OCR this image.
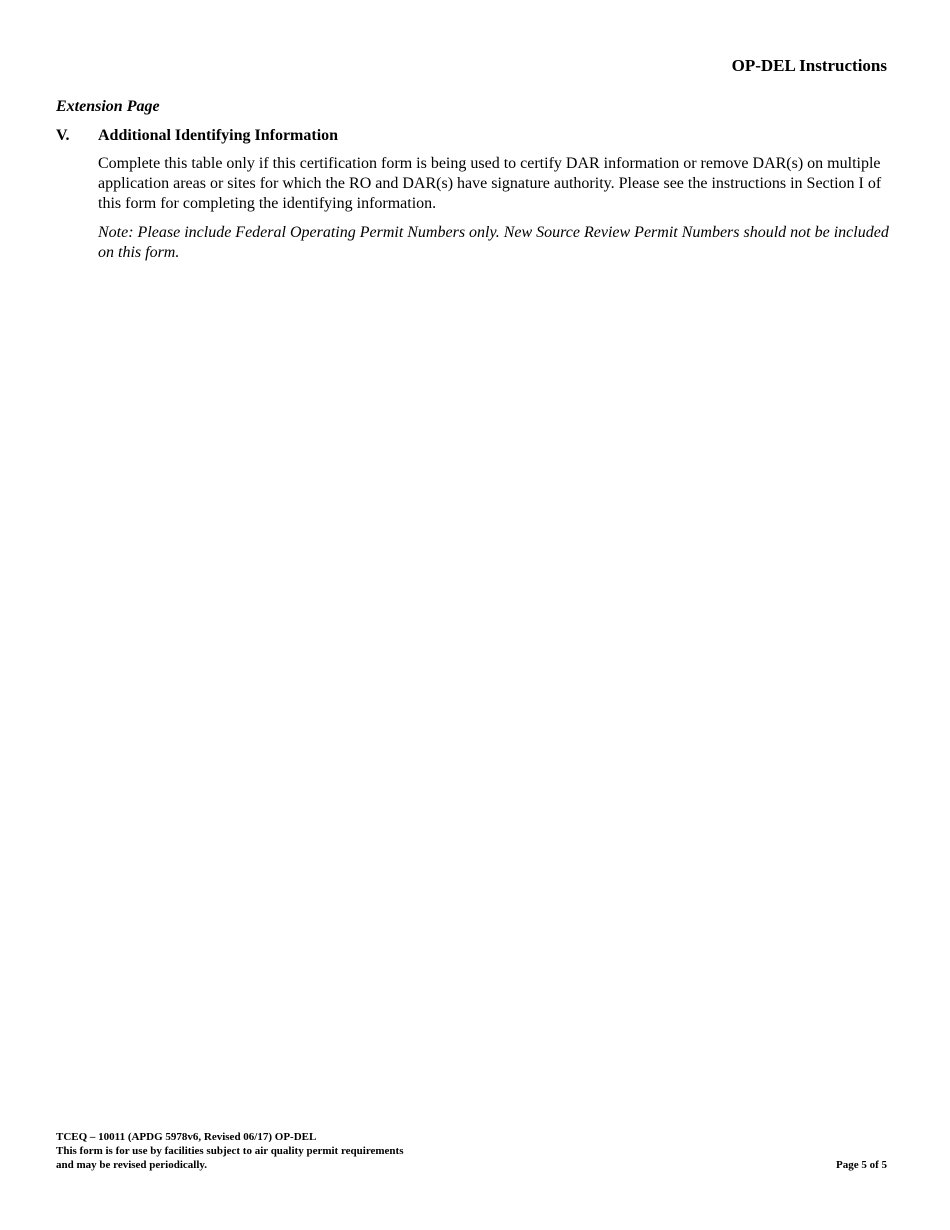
OP-DEL Instructions
Extension Page
V. Additional Identifying Information

Complete this table only if this certification form is being used to certify DAR information or remove DAR(s) on multiple application areas or sites for which the RO and DAR(s) have signature authority. Please see the instructions in Section I of this form for completing the identifying information.

Note: Please include Federal Operating Permit Numbers only. New Source Review Permit Numbers should not be included on this form.

TCEQ – 10011 (APDG 5978v6, Revised 06/17) OP-DEL
This form is for use by facilities subject to air quality permit requirements
and may be revised periodically.	Page 5 of 5
